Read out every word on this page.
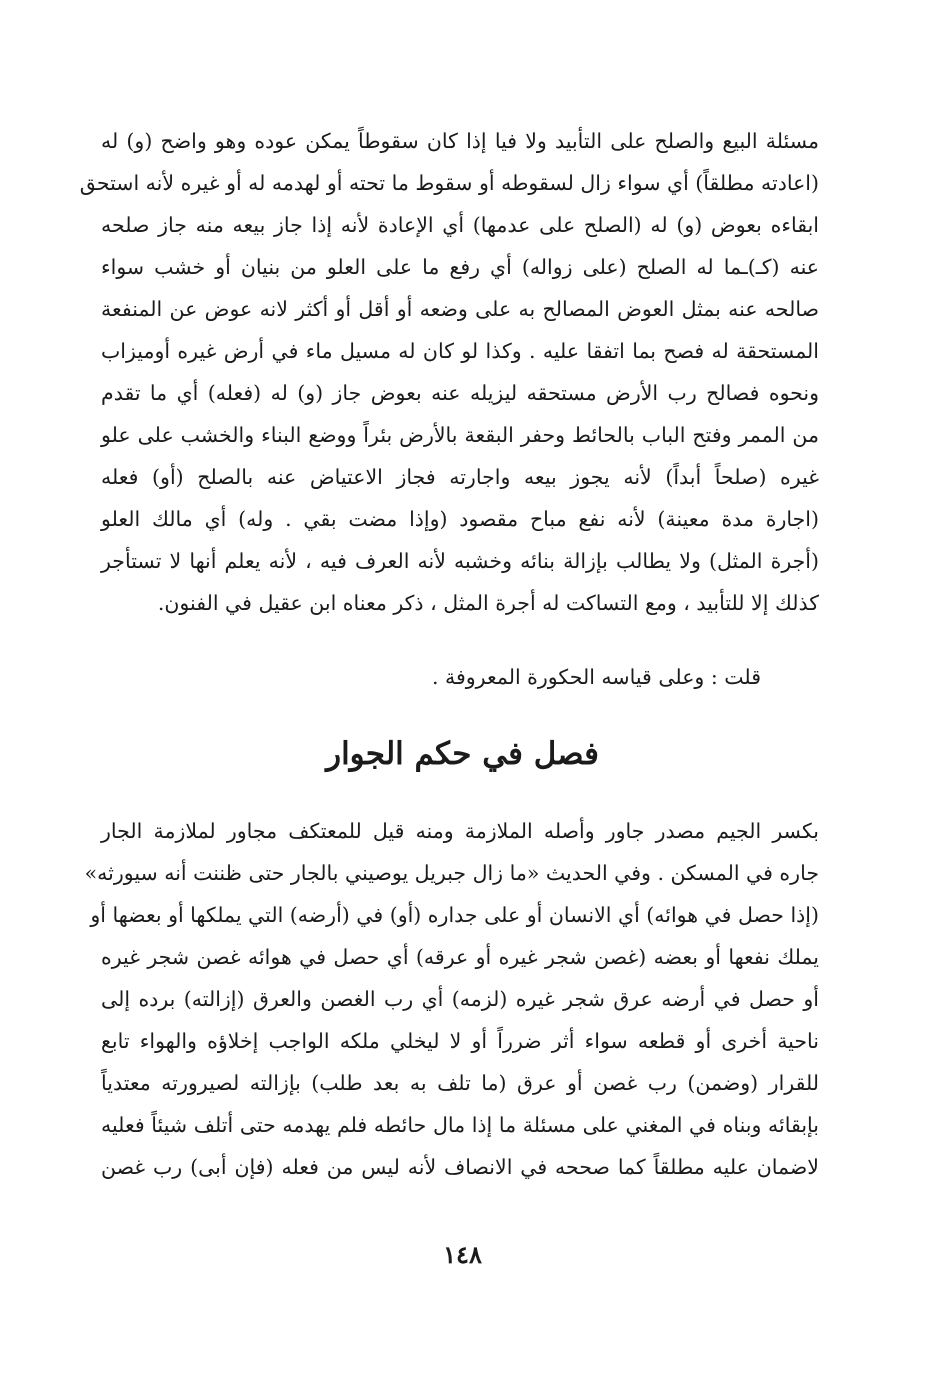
مسئلة البيع والصلح على التأبيد ولا فيا إذا كان سقوطاً يمكن عوده وهو واضح (و) له
(اعادته مطلقاً) أي سواء زال لسقوطه أو سقوط ما تحته أو لهدمه له أو غيره لأنه استحق
ابقاءه بعوض (و) له (الصلح على عدمها) أي الإعادة لأنه إذا جاز بيعه منه جاز صلحه
عنه (كـ)ـما له الصلح (على زواله) أي رفع ما على العلو من بنيان أو خشب سواء
صالحه عنه بمثل العوض المصالح به على وضعه أو أقل أو أكثر لانه عوض عن المنفعة
المستحقة له فصح بما اتفقا عليه . وكذا لو كان له مسيل ماء في أرض غيره أوميزاب
ونحوه فصالح رب الأرض مستحقه ليزيله عنه بعوض جاز (و) له (فعله) أي ما تقدم
من الممر وفتح الباب بالحائط وحفر البقعة بالأرض بئراً ووضع البناء والخشب على علو
غيره (صلحاً أبداً) لأنه يجوز بيعه واجارته فجاز الاعتياض عنه بالصلح (أو) فعله
(اجارة مدة معينة) لأنه نفع مباح مقصود (وإذا مضت بقي . وله) أي مالك العلو
(أجرة المثل) ولا يطالب بإزالة بنائه وخشبه لأنه العرف فيه ، لأنه يعلم أنها لا تستأجر
كذلك إلا للتأبيد ، ومع التساكت له أجرة المثل ، ذكر معناه ابن عقيل في الفنون.
قلت : وعلى قياسه الحكورة المعروفة .
فصل في حكم الجوار
بكسر الجيم مصدر جاور وأصله الملازمة ومنه قيل للمعتكف مجاور لملازمة الجار
جاره في المسكن . وفي الحديث «ما زال جبريل يوصيني بالجار حتى ظننت أنه سيورثه»
(إذا حصل في هوائه) أي الانسان أو على جداره (أو) في (أرضه) التي يملكها أو بعضها أو
يملك نفعها أو بعضه (غصن شجر غيره أو عرقه) أي حصل في هوائه غصن شجر غيره
أو حصل في أرضه عرق شجر غيره (لزمه) أي رب الغصن والعرق (إزالته) برده إلى
ناحية أخرى أو قطعه سواء أثر ضرراً أو لا ليخلي ملكه الواجب إخلاؤه والهواء تابع
للقرار (وضمن) رب غصن أو عرق (ما تلف به بعد طلب) بإزالته لصيرورته معتدياً
بإبقائه وبناه في المغني على مسئلة ما إذا مال حائطه فلم يهدمه حتى أتلف شيئاً فعليه
لاضمان عليه مطلقاً كما صححه في الانصاف لأنه ليس من فعله (فإن أبى) رب غصن
١٤٨
